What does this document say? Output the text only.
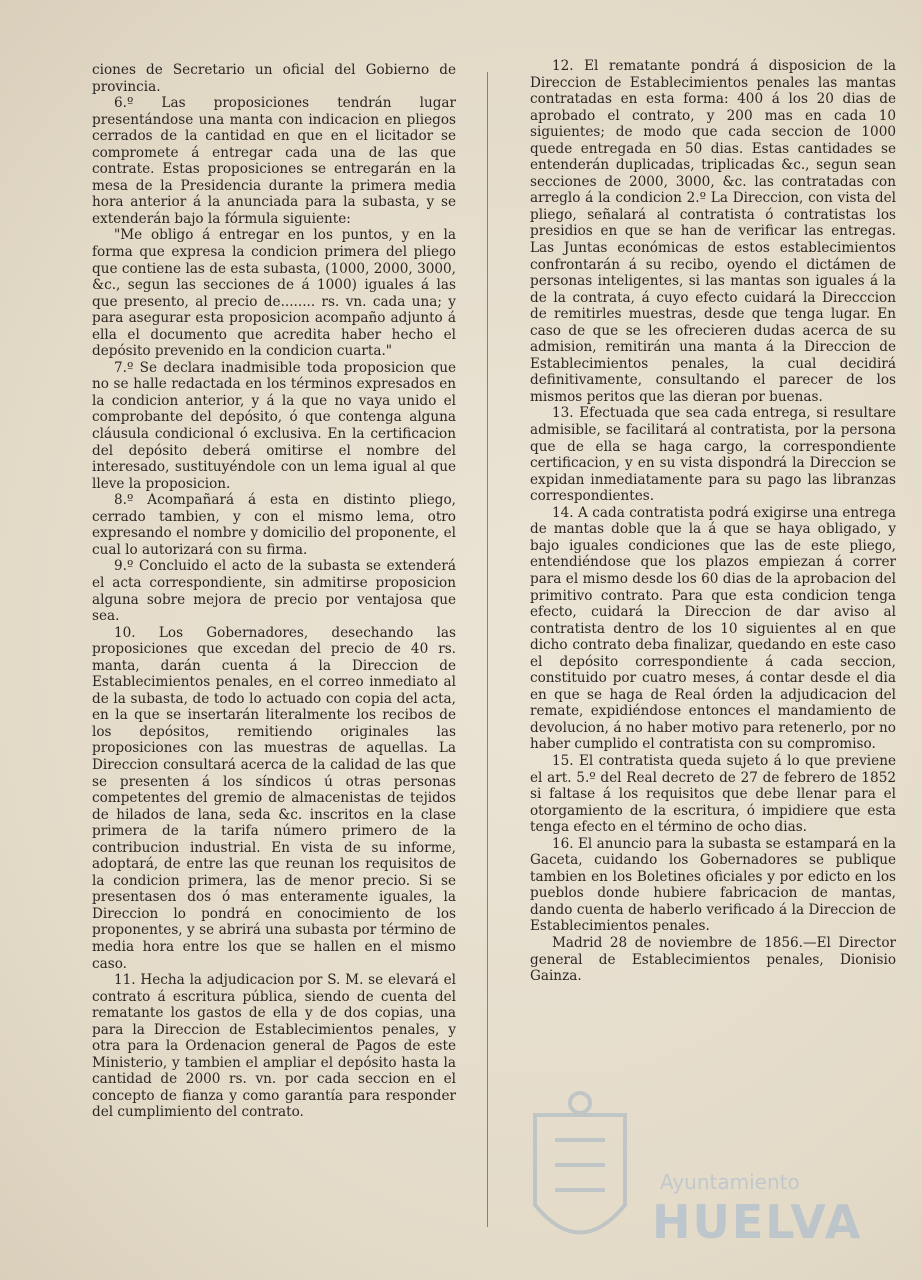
ciones de Secretario un oficial del Gobierno de provincia.

6.º Las proposiciones tendrán lugar presentándose una manta con indicacion en pliegos cerrados de la cantidad en que en el licitador se compromete á entregar cada una de las que contrate. Estas proposiciones se entregarán en la mesa de la Presidencia durante la primera media hora anterior á la anunciada para la subasta, y se extenderán bajo la fórmula siguiente:

"Me obligo á entregar en los puntos, y en la forma que expresa la condicion primera del pliego que contiene las de esta subasta, (1000, 2000, 3000, &c., segun las secciones de á 1000) iguales á las que presento, al precio de........ rs. vn. cada una; y para asegurar esta proposicion acompaño adjunto á ella el documento que acredita haber hecho el depósito prevenido en la condicion cuarta."

7.º Se declara inadmisible toda proposicion que no se halle redactada en los términos expresados en la condicion anterior, y á la que no vaya unido el comprobante del depósito, ó que contenga alguna cláusula condicional ó exclusiva. En la certificacion del depósito deberá omitirse el nombre del interesado, sustituyéndole con un lema igual al que lleve la proposicion.

8.º Acompañará á esta en distinto pliego, cerrado tambien, y con el mismo lema, otro expresando el nombre y domicilio del proponente, el cual lo autorizará con su firma.

9.º Concluido el acto de la subasta se extenderá el acta correspondiente, sin admitirse proposicion alguna sobre mejora de precio por ventajosa que sea.

10. Los Gobernadores, desechando las proposiciones que excedan del precio de 40 rs. manta, darán cuenta á la Direccion de Establecimientos penales, en el correo inmediato al de la subasta, de todo lo actuado con copia del acta, en la que se insertarán literalmente los recibos de los depósitos, remitiendo originales las proposiciones con las muestras de aquellas. La Direccion consultará acerca de la calidad de las que se presenten á los síndicos ú otras personas competentes del gremio de almacenistas de tejidos de hilados de lana, seda &c. inscritos en la clase primera de la tarifa número primero de la contribucion industrial. En vista de su informe, adoptará, de entre las que reunan los requisitos de la condicion primera, las de menor precio. Si se presentasen dos ó mas enteramente iguales, la Direccion lo pondrá en conocimiento de los proponentes, y se abrirá una subasta por término de media hora entre los que se hallen en el mismo caso.

11. Hecha la adjudicacion por S. M. se elevará el contrato á escritura pública, siendo de cuenta del rematante los gastos de ella y de dos copias, una para la Direccion de Establecimientos penales, y otra para la Ordenacion general de Pagos de este Ministerio, y tambien el ampliar el depósito hasta la cantidad de 2000 rs. vn. por cada seccion en el concepto de fianza y como garantía para responder del cumplimiento del contrato.

12. El rematante pondrá á disposicion de la Direccion de Establecimientos penales las mantas contratadas en esta forma: 400 á los 20 dias de aprobado el contrato, y 200 mas en cada 10 siguientes; de modo que cada seccion de 1000 quede entregada en 50 dias. Estas cantidades se entenderán duplicadas, triplicadas &c., segun sean secciones de 2000, 3000, &c. las contratadas con arreglo á la condicion 2.º La Direccion, con vista del pliego, señalará al contratista ó contratistas los presidios en que se han de verificar las entregas. Las Juntas económicas de estos establecimientos confrontarán á su recibo, oyendo el dictámen de personas inteligentes, si las mantas son iguales á la de la contrata, á cuyo efecto cuidará la Direcccion de remitirles muestras, desde que tenga lugar. En caso de que se les ofrecieren dudas acerca de su admision, remitirán una manta á la Direccion de Establecimientos penales, la cual decidirá definitivamente, consultando el parecer de los mismos peritos que las dieran por buenas.

13. Efectuada que sea cada entrega, si resultare admisible, se facilitará al contratista, por la persona que de ella se haga cargo, la correspondiente certificacion, y en su vista dispondrá la Direccion se expidan inmediatamente para su pago las libranzas correspondientes.

14. A cada contratista podrá exigirse una entrega de mantas doble que la á que se haya obligado, y bajo iguales condiciones que las de este pliego, entendiéndose que los plazos empiezan á correr para el mismo desde los 60 dias de la aprobacion del primitivo contrato. Para que esta condicion tenga efecto, cuidará la Direccion de dar aviso al contratista dentro de los 10 siguientes al en que dicho contrato deba finalizar, quedando en este caso el depósito correspondiente á cada seccion, constituido por cuatro meses, á contar desde el dia en que se haga de Real órden la adjudicacion del remate, expidiéndose entonces el mandamiento de devolucion, á no haber motivo para retenerlo, por no haber cumplido el contratista con su compromiso.

15. El contratista queda sujeto á lo que previene el art. 5.º del Real decreto de 27 de febrero de 1852 si faltase á los requisitos que debe llenar para el otorgamiento de la escritura, ó impidiere que esta tenga efecto en el término de ocho dias.

16. El anuncio para la subasta se estampará en la Gaceta, cuidando los Gobernadores se publique tambien en los Boletines oficiales y por edicto en los pueblos donde hubiere fabricacion de mantas, dando cuenta de haberlo verificado á la Direccion de Establecimientos penales.

Madrid 28 de noviembre de 1856.—El Director general de Establecimientos penales, Dionisio Gainza.

Ayuntamiento
HUELVA
